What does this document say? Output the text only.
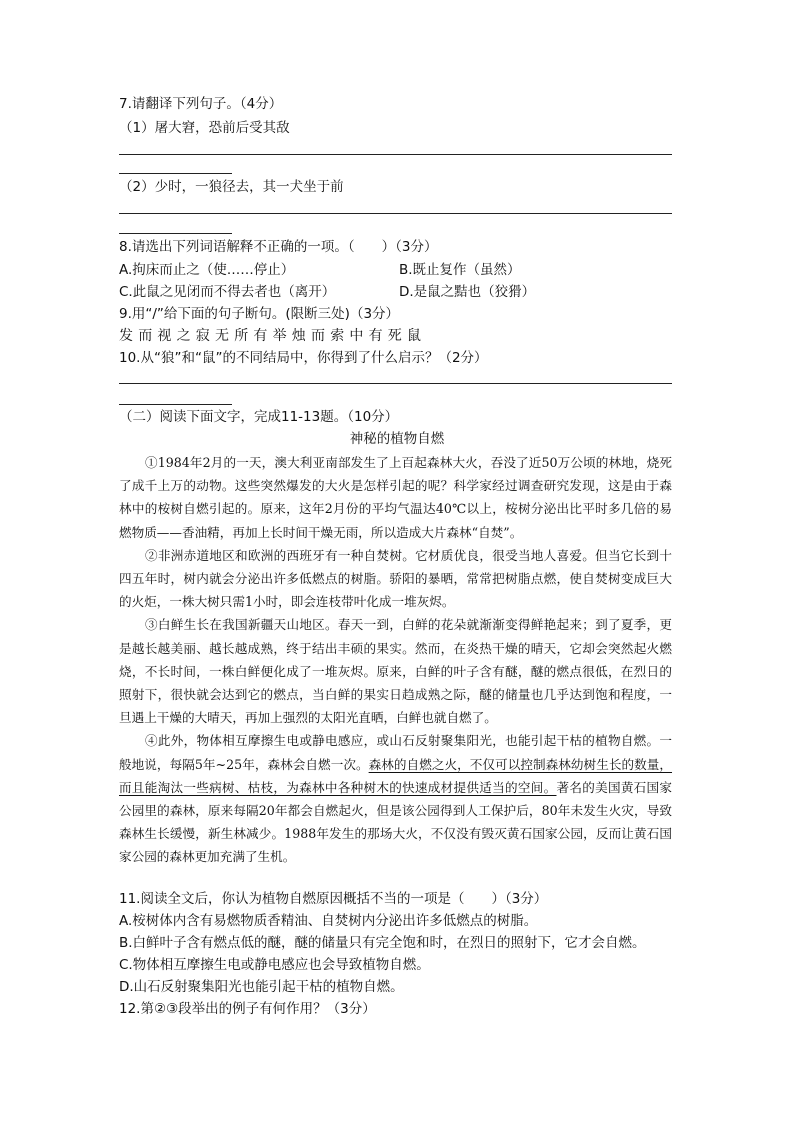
7.请翻译下列句子。（4分）
（1）屠大窘，恐前后受其敌
（2）少时，一狼径去，其一犬坐于前
8.请选出下列词语解释不正确的一项。（　　）（3分）
A.拘床而止之（使……停止）	B.既止复作（虽然）
C.此鼠之见闭而不得去者也（离开）	D.是鼠之黠也（狡猾）
9.用“/”给下面的句子断句。(限断三处)（3分）
发而视之寂无所有举烛而索中有死鼠
10.从“狼”和“鼠”的不同结局中，你得到了什么启示？（2分）
（二）阅读下面文字，完成11-13题。（10分）
神秘的植物自燃

①1984年2月的一天，澳大利亚南部发生了上百起森林大火，吞没了近50万公顷的林地，烧死了成千上万的动物。这些突然爆发的大火是怎样引起的呢？科学家经过调查研究发现，这是由于森林中的桉树自燃引起的。原来，这年2月份的平均气温达40℃以上，桉树分泌出比平时多几倍的易燃物质——香油精，再加上长时间干燥无雨，所以造成大片森林“自焚”。

②非洲赤道地区和欧洲的西班牙有一种自焚树。它材质优良，很受当地人喜爱。但当它长到十四五年时，树内就会分泌出许多低燃点的树脂。骄阳的暴晒，常常把树脂点燃，使自焚树变成巨大的火炬，一株大树只需1小时，即会连枝带叶化成一堆灰烬。

③白鲜生长在我国新疆天山地区。春天一到，白鲜的花朵就渐渐变得鲜艳起来；到了夏季，更是越长越美丽、越长越成熟，终于结出丰硕的果实。然而，在炎热干燥的晴天，它却会突然起火燃烧，不长时间，一株白鲜便化成了一堆灰烬。原来，白鲜的叶子含有醚，醚的燃点很低，在烈日的照射下，很快就会达到它的燃点，当白鲜的果实日趋成熟之际，醚的储量也几乎达到饱和程度，一旦遇上干燥的大晴天，再加上强烈的太阳光直晒，白鲜也就自燃了。

④此外，物体相互摩擦生电或静电感应，或山石反射聚集阳光，也能引起干枯的植物自燃。一般地说，每隔5年~25年，森林会自燃一次。森林的自燃之火，不仅可以控制森林幼树生长的数量，而且能淘汰一些病树、枯枝，为森林中各种树木的快速成材提供适当的空间。著名的美国黄石国家公园里的森林，原来每隔20年都会自燃起火，但是该公园得到人工保护后，80年未发生火灾，导致森林生长缓慢，新生林减少。1988年发生的那场大火，不仅没有毁灭黄石国家公园，反而让黄石国家公园的森林更加充满了生机。

11.阅读全文后，你认为植物自燃原因概括不当的一项是（　　）（3分）
A.桉树体内含有易燃物质香精油、自焚树内分泌出许多低燃点的树脂。
B.白鲜叶子含有燃点低的醚，醚的储量只有完全饱和时，在烈日的照射下，它才会自燃。
C.物体相互摩擦生电或静电感应也会导致植物自燃。
D.山石反射聚集阳光也能引起干枯的植物自燃。
12.第②③段举出的例子有何作用？（3分）
